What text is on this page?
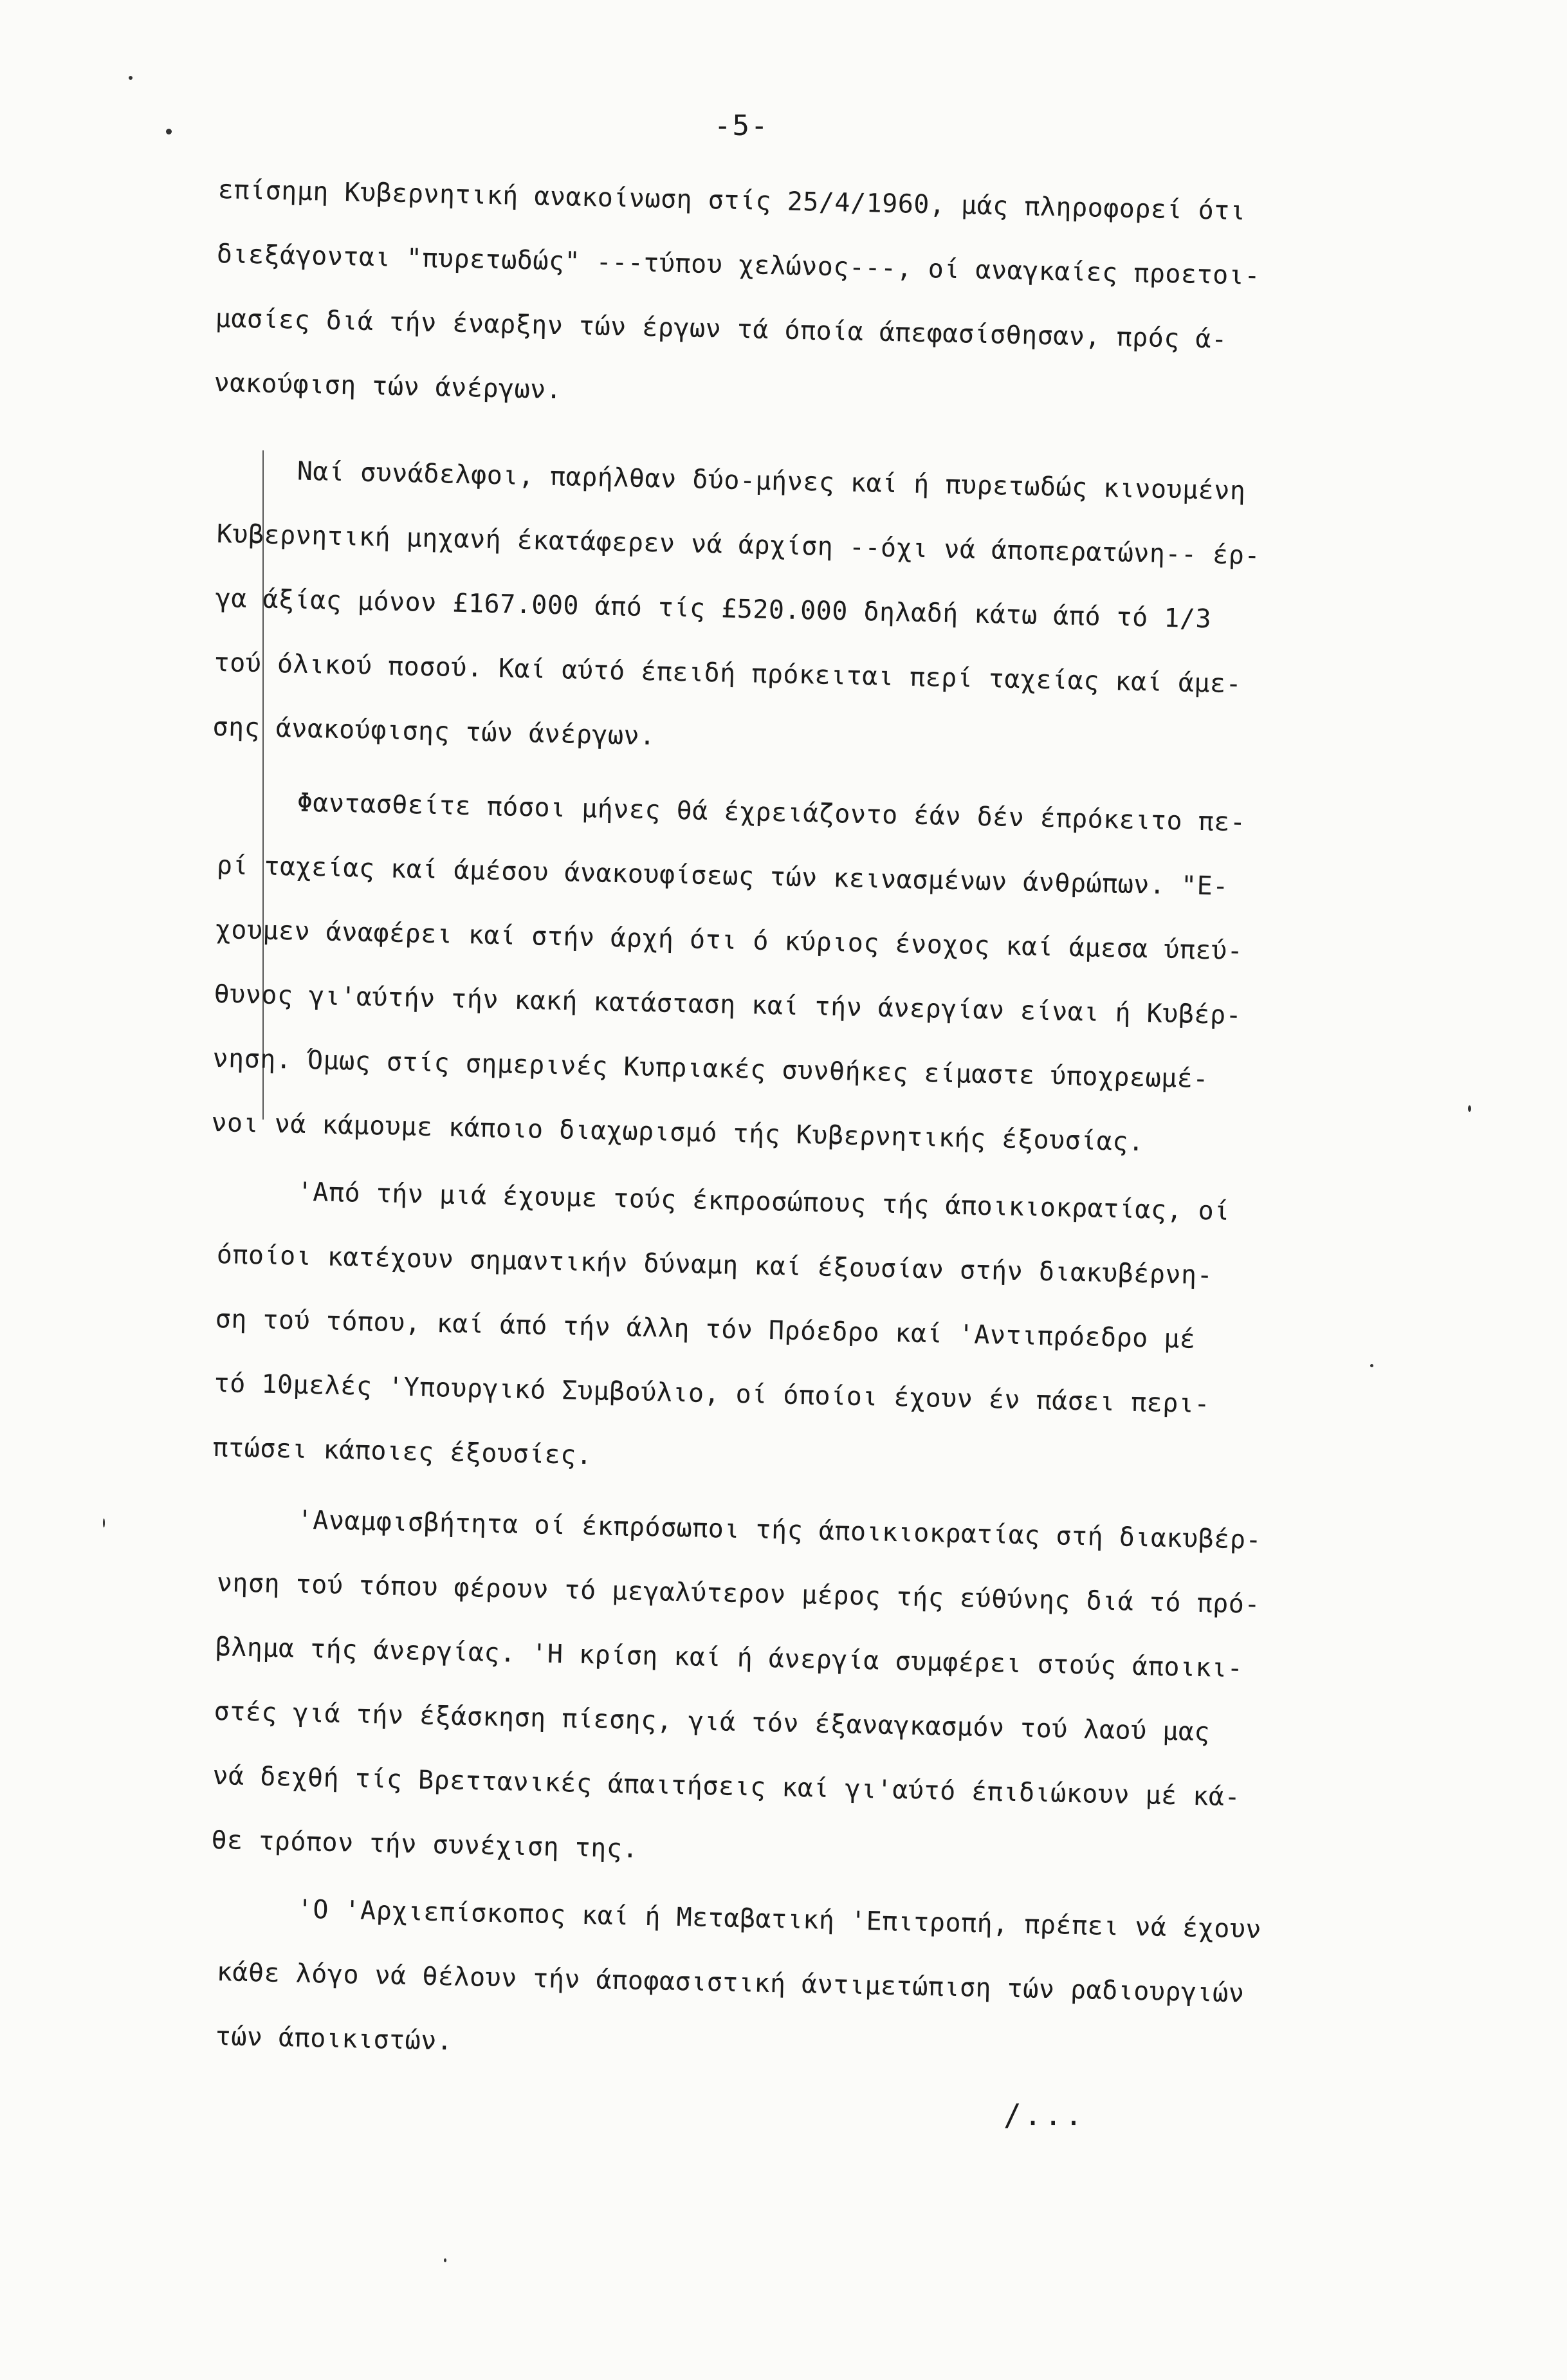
-5-
επίσημη Κυβερνητική ανακοίνωση στίς 25/4/1960, μάς πληροφορεί ότι
διεξάγονται "πυρετωδώς" ---τύπου χελώνος---, οί αναγκαίες προετοι-
μασίες διά τήν έναρξην τών έργων τά όποία άπεφασίσθησαν, πρός ά-
νακούφιση τών άνέργων.
Ναί συνάδελφοι, παρήλθαν δύο-μήνες καί ή πυρετωδώς κινουμένη
Κυβερνητική μηχανή έκατάφερεν νά άρχίση --όχι νά άποπερατώνη-- έρ-
γα άξίας μόνον £167.000 άπό τίς £520.000 δηλαδή κάτω άπό τό 1/3
τού όλικού ποσού. Καί αύτό έπειδή πρόκειται περί ταχείας καί άμε-
σης άνακούφισης τών άνέργων.
Φαντασθείτε πόσοι μήνες θά έχρειάζοντο έάν δέν έπρόκειτο πε-
ρί ταχείας καί άμέσου άνακουφίσεως τών κεινασμένων άνθρώπων. "Ε-
χουμεν άναφέρει καί στήν άρχή ότι ό κύριος ένοχος καί άμεσα ύπεύ-
θυνος γι'αύτήν τήν κακή κατάσταση καί τήν άνεργίαν είναι ή Κυβέρ-
νηση. Όμως στίς σημερινές Κυπριακές συνθήκες είμαστε ύποχρεωμέ-
νοι νά κάμουμε κάποιο διαχωρισμό τής Κυβερνητικής έξουσίας.
'Από τήν μιά έχουμε τούς έκπροσώπους τής άποικιοκρατίας, οί
όποίοι κατέχουν σημαντικήν δύναμη καί έξουσίαν στήν διακυβέρνη-
ση τού τόπου, καί άπό τήν άλλη τόν Πρόεδρο καί 'Αντιπρόεδρο μέ
τό 10μελές 'Υπουργικό Συμβούλιο, οί όποίοι έχουν έν πάσει περι-
πτώσει κάποιες έξουσίες.
'Αναμφισβήτητα οί έκπρόσωποι τής άποικιοκρατίας στή διακυβέρ-
νηση τού τόπου φέρουν τό μεγαλύτερον μέρος τής εύθύνης διά τό πρό-
βλημα τής άνεργίας. 'Η κρίση καί ή άνεργία συμφέρει στούς άποικι-
στές γιά τήν έξάσκηση πίεσης, γιά τόν έξαναγκασμόν τού λαού μας
νά δεχθή τίς Βρεττανικές άπαιτήσεις καί γι'αύτό έπιδιώκουν μέ κά-
θε τρόπον τήν συνέχιση της.
'Ο 'Αρχιεπίσκοπος καί ή Μεταβατική 'Επιτροπή, πρέπει νά έχουν
κάθε λόγο νά θέλουν τήν άποφασιστική άντιμετώπιση τών ραδιουργιών
τών άποικιστών.
/...
